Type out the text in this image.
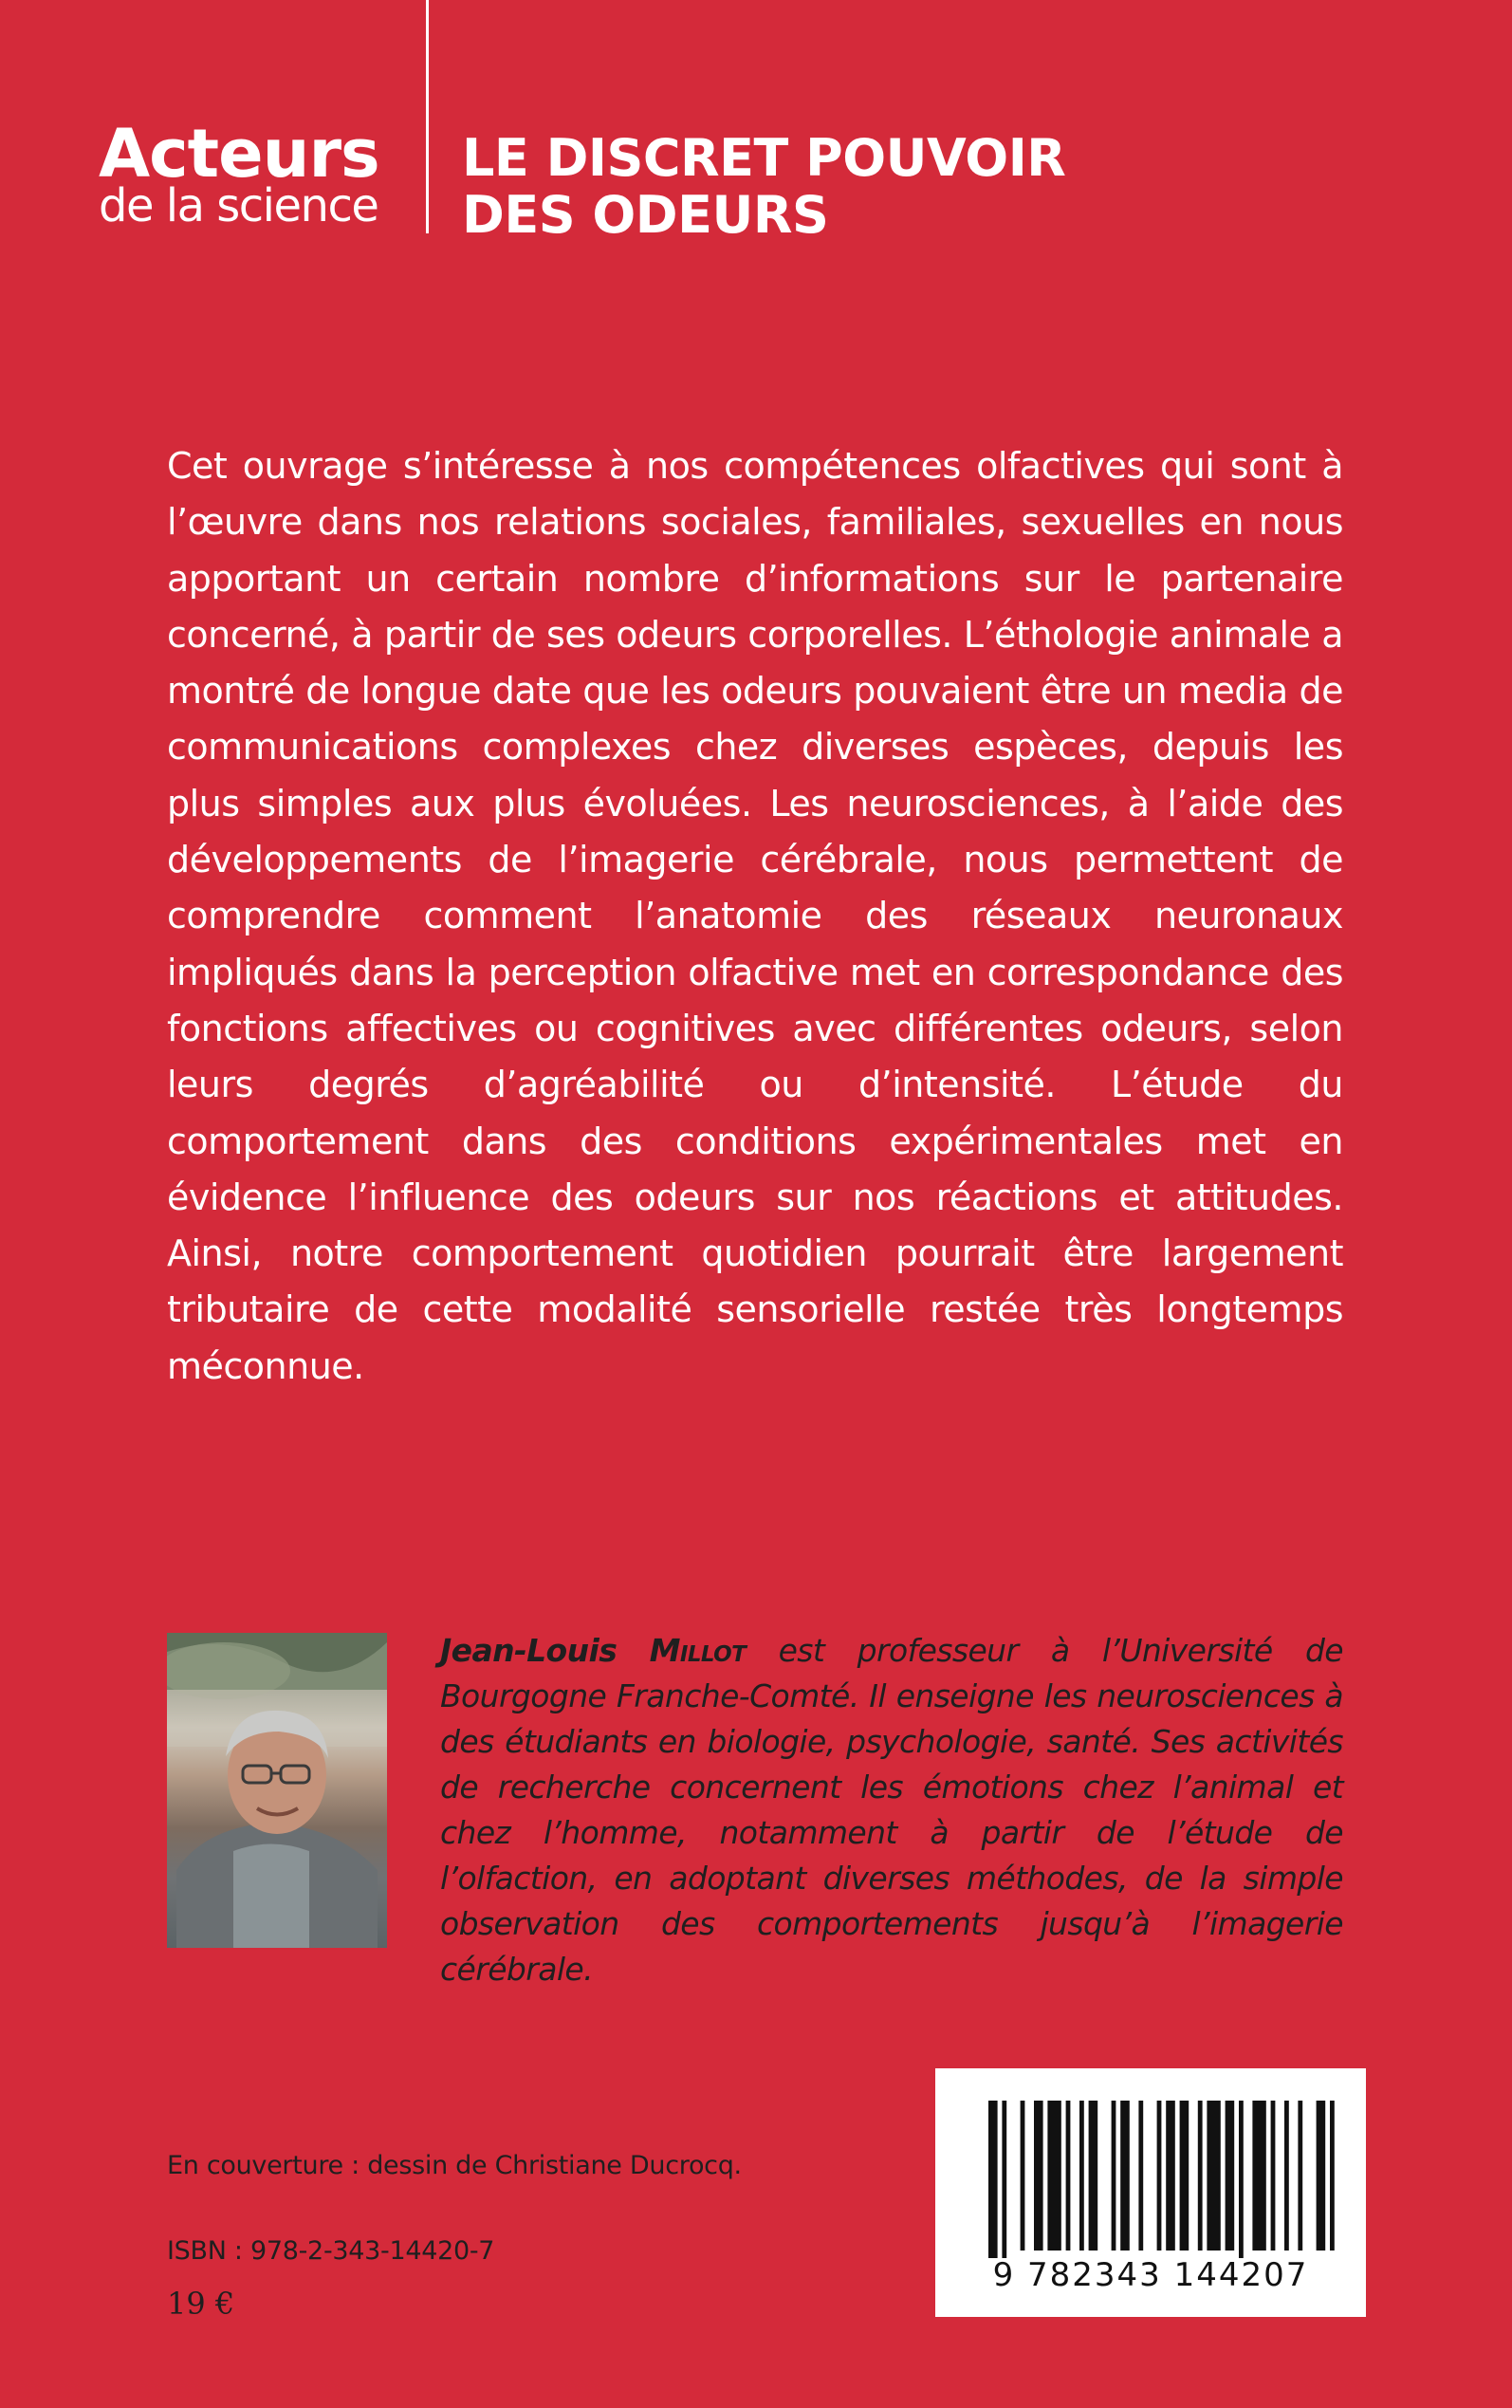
Acteurs
de la science
LE DISCRET POUVOIR
DES ODEURS
Cet ouvrage s’intéresse à nos compétences olfactives qui sont à l’œuvre dans nos relations sociales, familiales, sexuelles en nous apportant un certain nombre d’informations sur le partenaire concerné, à partir de ses odeurs corporelles. L’éthologie animale a montré de longue date que les odeurs pouvaient être un media de communications complexes chez diverses espèces, depuis les plus simples aux plus évoluées. Les neurosciences, à l’aide des développements de l’imagerie cérébrale, nous permettent de comprendre comment l’anatomie des réseaux neuronaux impliqués dans la perception olfactive met en correspondance des fonctions affectives ou cognitives avec différentes odeurs, selon leurs degrés d’agréabilité ou d’intensité. L’étude du comportement dans des conditions expérimentales met en évidence l’influence des odeurs sur nos réactions et attitudes. Ainsi, notre comportement quotidien pourrait être largement tributaire de cette modalité sensorielle restée très longtemps méconnue.
Jean-Louis Millot est professeur à l’Université de Bourgogne Franche-Comté. Il enseigne les neurosciences à des étudiants en biologie, psychologie, santé. Ses activités de recherche concernent les émotions chez l’animal et chez l’homme, notamment à partir de l’étude de l’olfaction, en adoptant diverses méthodes, de la simple observation des comportements jusqu’à l’imagerie cérébrale.
En couverture : dessin de Christiane Ducrocq.
ISBN : 978-2-343-14420-7
19 €
9 782343 144207
